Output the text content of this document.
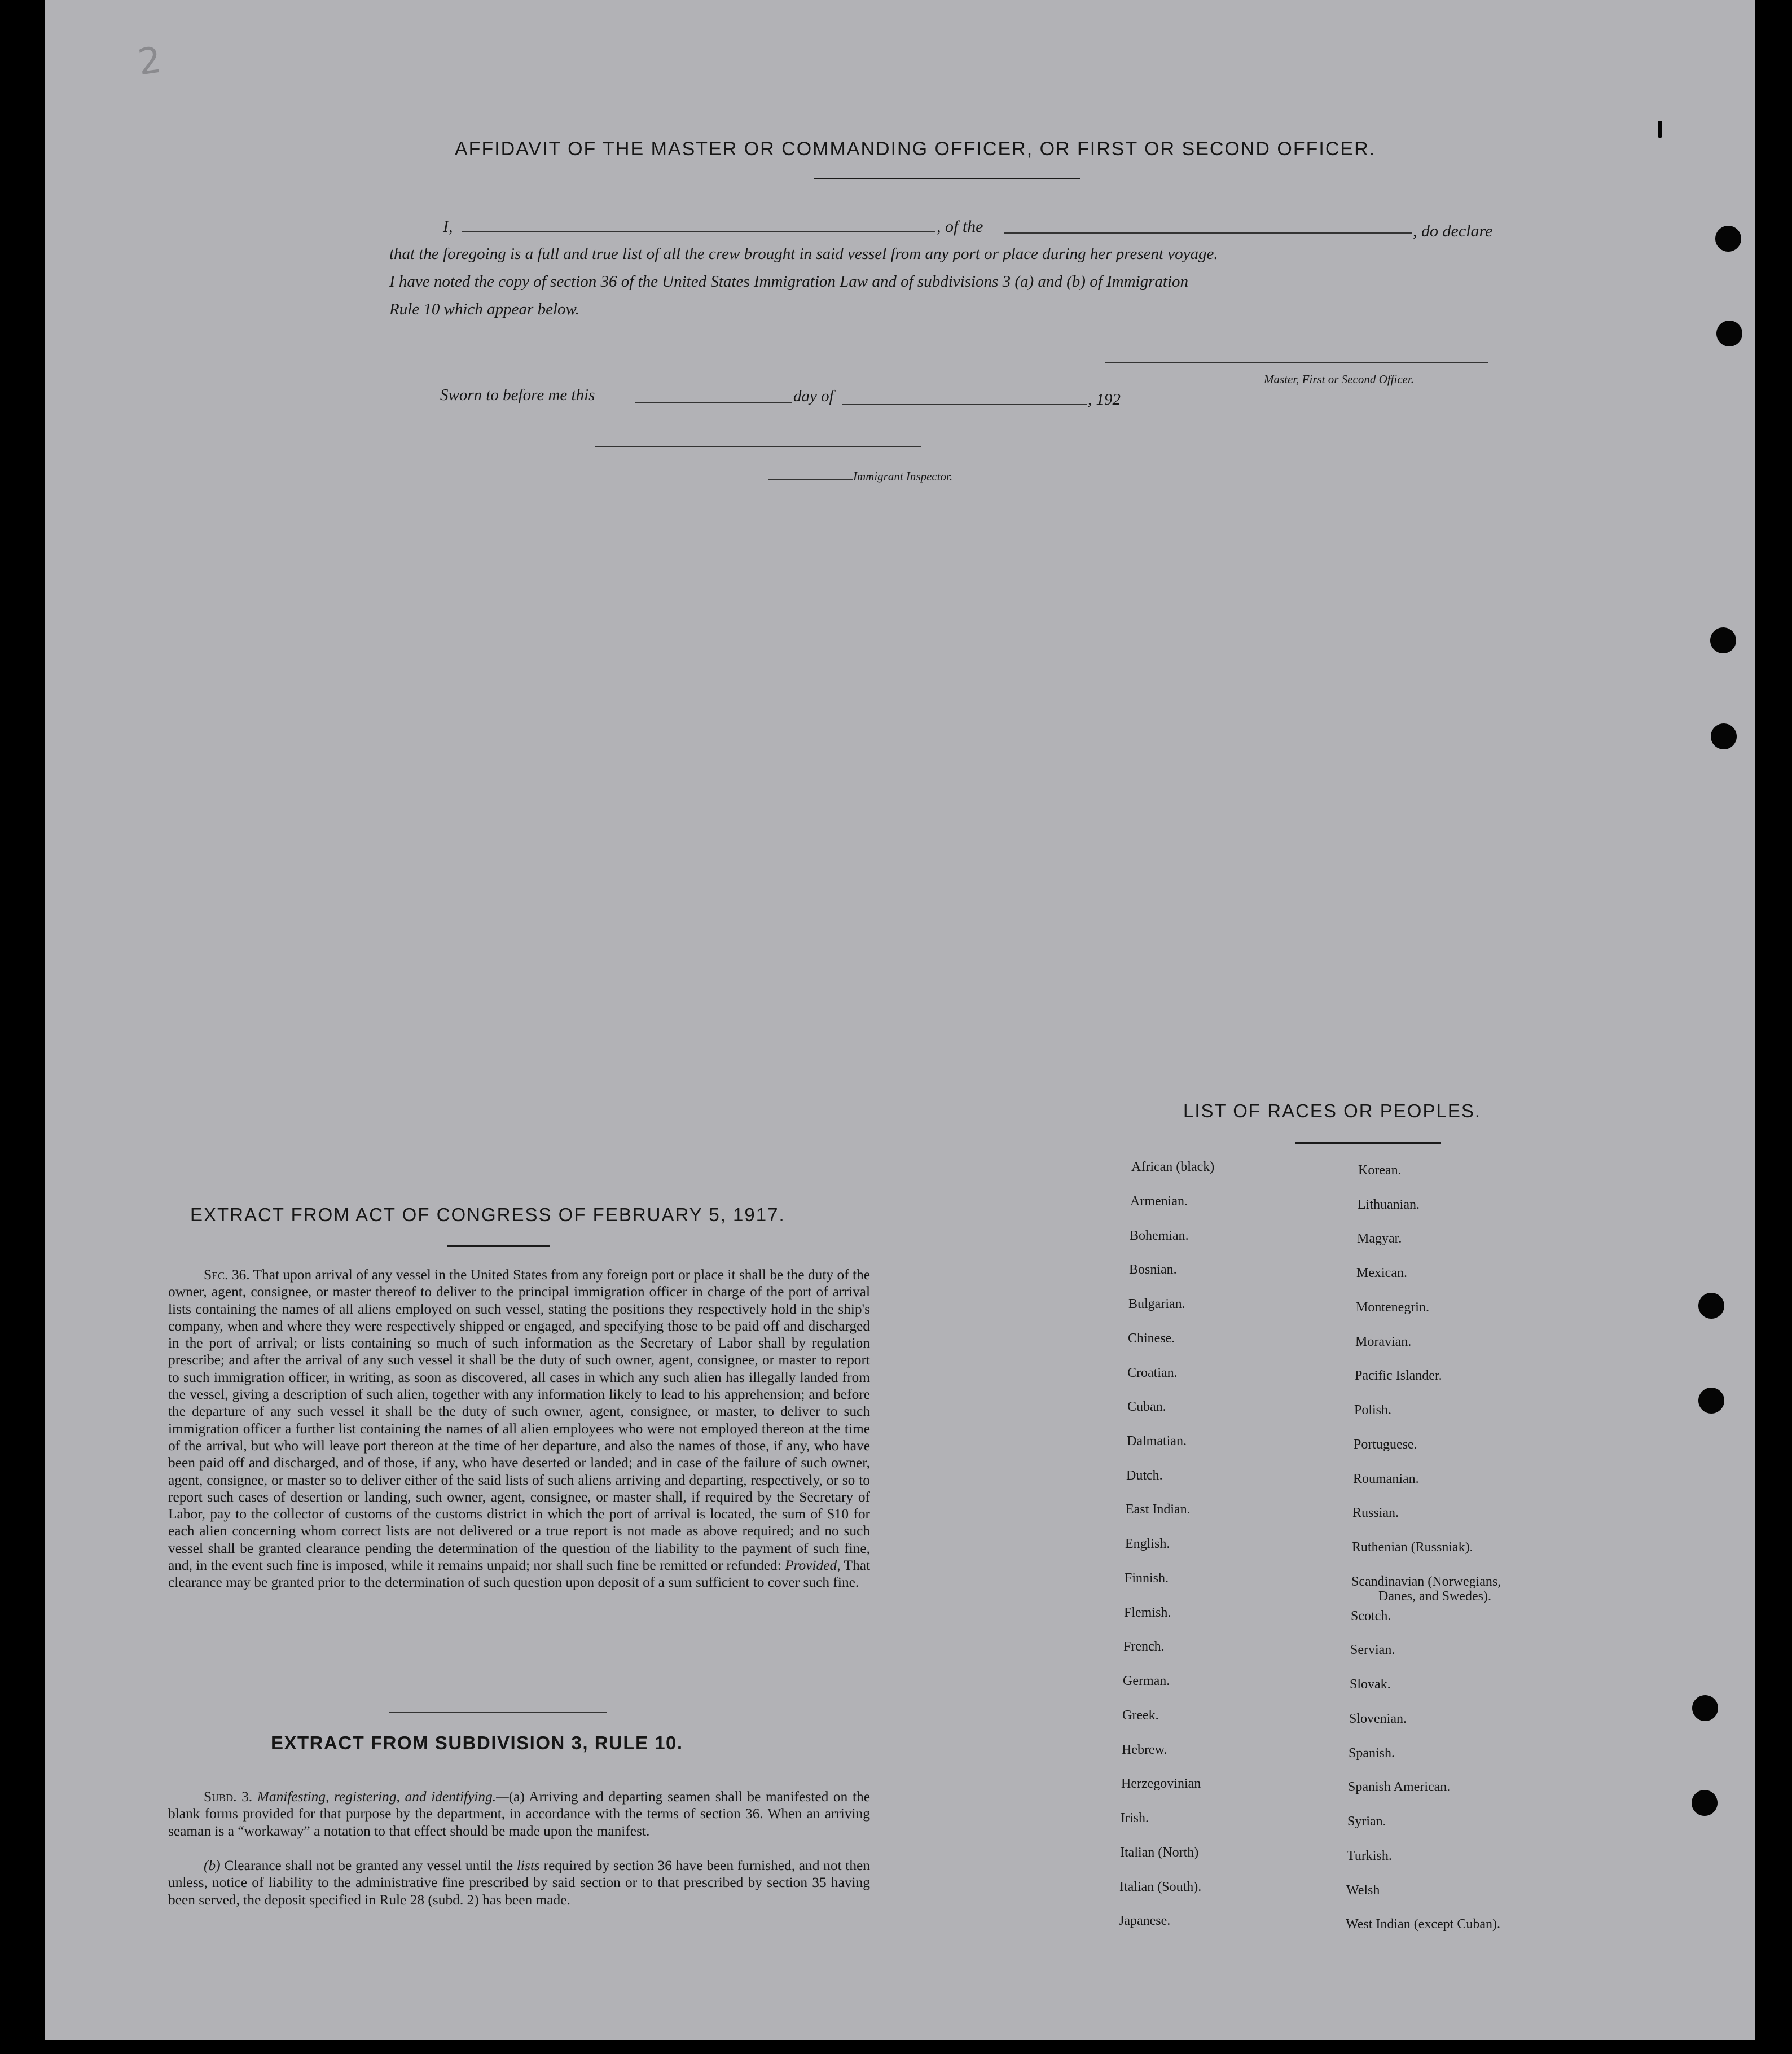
2
AFFIDAVIT OF THE MASTER OR COMMANDING OFFICER, OR FIRST OR SECOND OFFICER.
I,	, of the	, do declare
that the foregoing is a full and true list of all the crew brought in said vessel from any port or place during her present voyage.
I have noted the copy of section 36 of the United States Immigration Law and of subdivisions 3 (a) and (b) of Immigration
Rule 10 which appear below.
Master, First or Second Officer.
Sworn to before me this	day of	, 192
Immigrant Inspector.
EXTRACT FROM ACT OF CONGRESS OF FEBRUARY 5, 1917.
Sec. 36. That upon arrival of any vessel in the United States from any foreign port or place it shall be the duty of the owner, agent, consignee, or master thereof to deliver to the principal immigration officer in charge of the port of arrival lists containing the names of all aliens employed on such vessel, stating the positions they respectively hold in the ship's company, when and where they were respectively shipped or engaged, and specifying those to be paid off and discharged in the port of arrival; or lists containing so much of such information as the Secretary of Labor shall by regulation prescribe; and after the arrival of any such vessel it shall be the duty of such owner, agent, consignee, or master to report to such immigration officer, in writing, as soon as discovered, all cases in which any such alien has illegally landed from the vessel, giving a description of such alien, together with any information likely to lead to his apprehension; and before the departure of any such vessel it shall be the duty of such owner, agent, consignee, or master, to deliver to such immigration officer a further list containing the names of all alien employees who were not employed thereon at the time of the arrival, but who will leave port thereon at the time of her departure, and also the names of those, if any, who have been paid off and discharged, and of those, if any, who have deserted or landed; and in case of the failure of such owner, agent, consignee, or master so to deliver either of the said lists of such aliens arriving and departing, respectively, or so to report such cases of desertion or landing, such owner, agent, consignee, or master shall, if required by the Secretary of Labor, pay to the collector of customs of the customs district in which the port of arrival is located, the sum of $10 for each alien concerning whom correct lists are not delivered or a true report is not made as above required; and no such vessel shall be granted clearance pending the determination of the question of the liability to the payment of such fine, and, in the event such fine is imposed, while it remains unpaid; nor shall such fine be remitted or refunded: Provided, That clearance may be granted prior to the determination of such question upon deposit of a sum sufficient to cover such fine.
EXTRACT FROM SUBDIVISION 3, RULE 10.
Subd. 3. Manifesting, registering, and identifying.—(a) Arriving and departing seamen shall be manifested on the blank forms provided for that purpose by the department, in accordance with the terms of section 36. When an arriving seaman is a “workaway” a notation to that effect should be made upon the manifest.
(b) Clearance shall not be granted any vessel until the lists required by section 36 have been furnished, and not then unless, notice of liability to the administrative fine prescribed by said section or to that prescribed by section 35 having been served, the deposit specified in Rule 28 (subd. 2) has been made.
LIST OF RACES OR PEOPLES.
African (black)
Armenian.
Bohemian.
Bosnian.
Bulgarian.
Chinese.
Croatian.
Cuban.
Dalmatian.
Dutch.
East Indian.
English.
Finnish.
Flemish.
French.
German.
Greek.
Hebrew.
Herzegovinian
Irish.
Italian (North)
Italian (South).
Japanese.
Korean.
Lithuanian.
Magyar.
Mexican.
Montenegrin.
Moravian.
Pacific Islander.
Polish.
Portuguese.
Roumanian.
Russian.
Ruthenian (Russniak).
Scandinavian (Norwegians,
Danes, and Swedes).
Scotch.
Servian.
Slovak.
Slovenian.
Spanish.
Spanish American.
Syrian.
Turkish.
Welsh
West Indian (except Cuban).
